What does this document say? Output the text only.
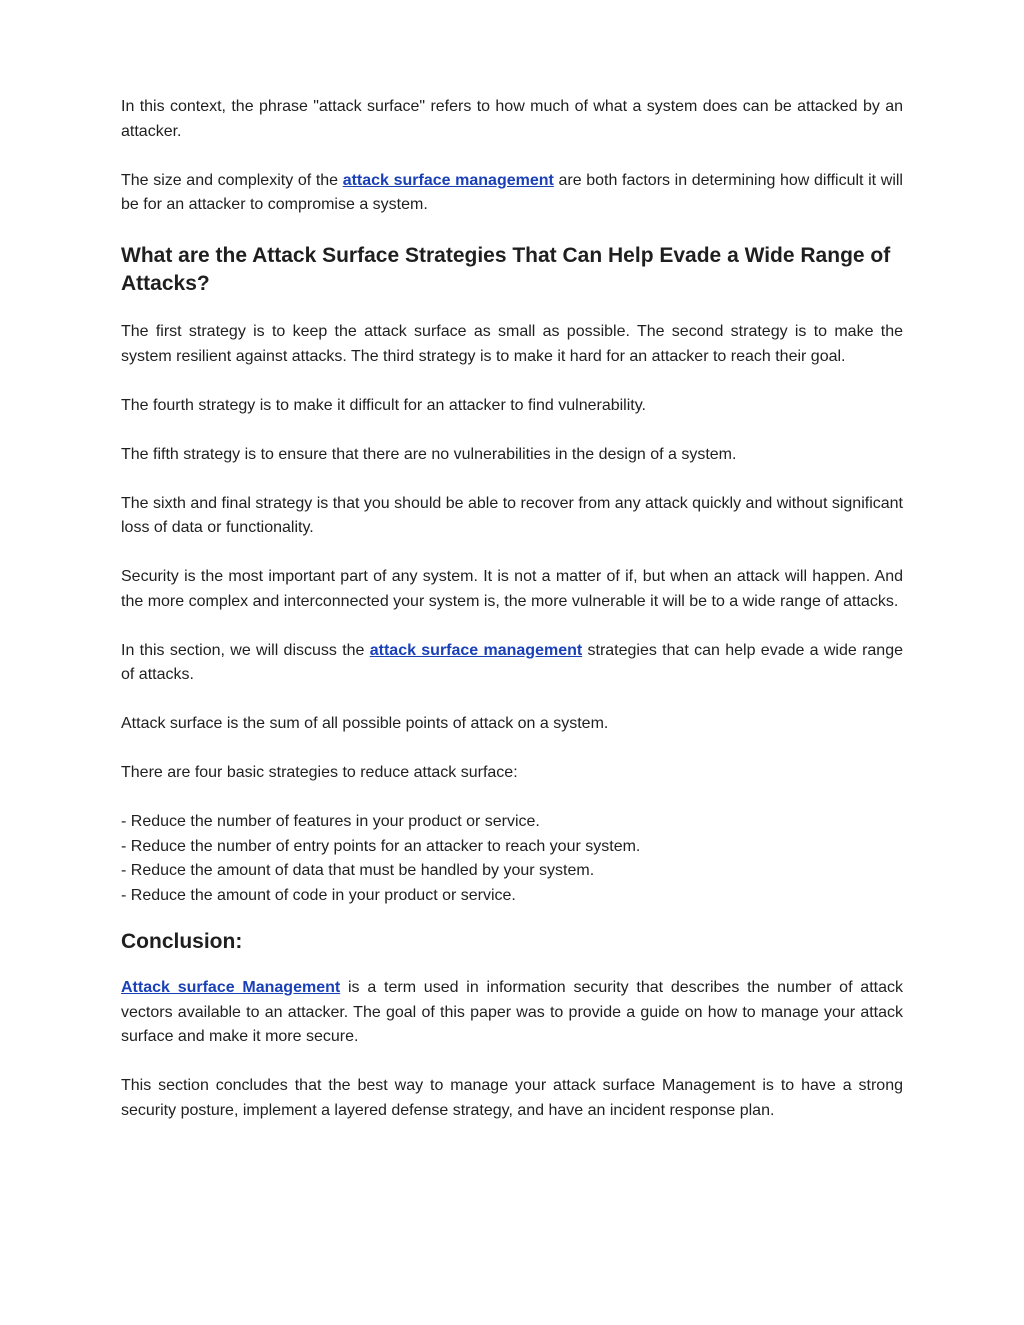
In this context, the phrase "attack surface" refers to how much of what a system does can be attacked by an attacker.

The size and complexity of the attack surface management are both factors in determining how difficult it will be for an attacker to compromise a system.

What are the Attack Surface Strategies That Can Help Evade a Wide Range of Attacks?

The first strategy is to keep the attack surface as small as possible. The second strategy is to make the system resilient against attacks. The third strategy is to make it hard for an attacker to reach their goal.

The fourth strategy is to make it difficult for an attacker to find vulnerability.

The fifth strategy is to ensure that there are no vulnerabilities in the design of a system.

The sixth and final strategy is that you should be able to recover from any attack quickly and without significant loss of data or functionality.

Security is the most important part of any system. It is not a matter of if, but when an attack will happen. And the more complex and interconnected your system is, the more vulnerable it will be to a wide range of attacks.

In this section, we will discuss the attack surface management strategies that can help evade a wide range of attacks.

Attack surface is the sum of all possible points of attack on a system.

There are four basic strategies to reduce attack surface:

- Reduce the number of features in your product or service.
- Reduce the number of entry points for an attacker to reach your system.
- Reduce the amount of data that must be handled by your system.
- Reduce the amount of code in your product or service.
Conclusion:

Attack surface Management is a term used in information security that describes the number of attack vectors available to an attacker. The goal of this paper was to provide a guide on how to manage your attack surface and make it more secure.

This section concludes that the best way to manage your attack surface Management is to have a strong security posture, implement a layered defense strategy, and have an incident response plan.
